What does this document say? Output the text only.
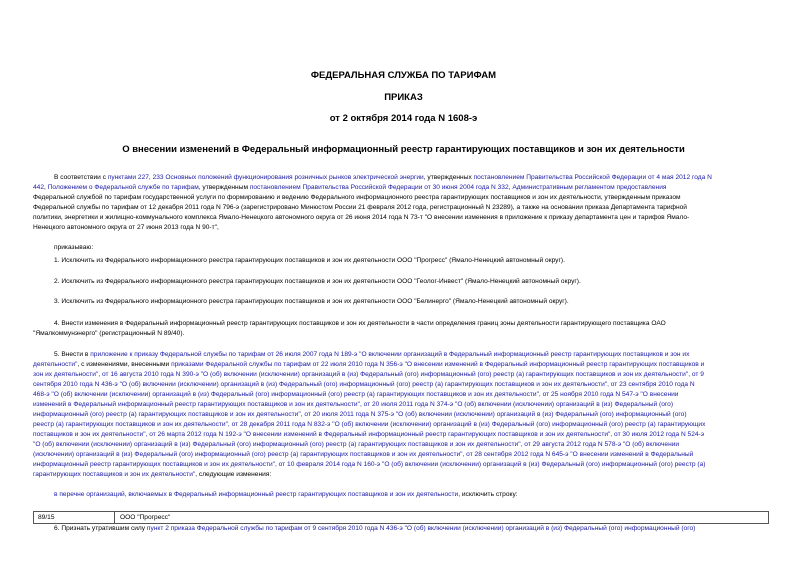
ФЕДЕРАЛЬНАЯ СЛУЖБА ПО ТАРИФАМ
ПРИКАЗ
от 2 октября 2014 года N 1608-э
О внесении изменений в Федеральный информационный реестр гарантирующих поставщиков и зон их деятельности
В соответствии с пунктами 227, 233 Основных положений функционирования розничных рынков электрической энергии, утвержденных постановлением Правительства Российской Федерации от 4 мая 2012 года N
442, Положением о Федеральной службе по тарифам, утвержденным постановлением Правительства Российской Федерации от 30 июня 2004 года N 332, Административным регламентом предоставления
Федеральной службой по тарифам государственной услуги по формированию и ведению Федерального информационного реестра гарантирующих поставщиков и зон их деятельности, утвержденным приказом
Федеральной службы по тарифам от 12 декабря 2011 года N 796-э (зарегистрировано Минюстом России 21 февраля 2012 года, регистрационный N 23289), а также на основании приказа Департамента тарифной
политики, энергетики и жилищно-коммунального комплекса Ямало-Ненецкого автономного округа от 26 июня 2014 года N 73-т "О внесении изменения в приложение к приказу департамента цен и тарифов Ямало-
Ненецкого автономного округа от 27 июня 2013 года N 90-т",
приказываю:
1. Исключить из Федерального информационного реестра гарантирующих поставщиков и зон их деятельности ООО "Прогресс" (Ямало-Ненецкий автономный округ).
2. Исключить из Федерального информационного реестра гарантирующих поставщиков и зон их деятельности ООО "Геолог-Инвест" (Ямало-Ненецкий автономный округ).
3. Исключить из Федерального информационного реестра гарантирующих поставщиков и зон их деятельности ООО "Белинерго" (Ямало-Ненецкий автономный округ).
4. Внести изменения в Федеральный информационный реестр гарантирующих поставщиков и зон их деятельности в части определения границ зоны деятельности гарантирующего поставщика ОАО
"Ямалкоммунэнерго" (регистрационный N 89/40).
5. Внести в приложение к приказу Федеральной службы по тарифам от 26 июля 2007 года N 189-э "О включении организаций в Федеральный информационный реестр гарантирующих поставщиков и зон их
деятельности", с изменениями, внесенными приказами Федеральной службы по тарифам от 22 июля 2010 года N 356-э "О внесении изменений в Федеральный информационный реестр гарантирующих поставщиков и
зон их деятельности", от 16 августа 2010 года N 390-э "О (об) включении (исключении) организаций в (из) Федеральный (ого) информационный (ого) реестр (а) гарантирующих поставщиков и зон их деятельности", от 9
сентября 2010 года N 436-э "О (об) включении (исключении) организаций в (из) Федеральный (ого) информационный (ого) реестр (а) гарантирующих поставщиков и зон их деятельности", от 23 сентября 2010 года N
468-э "О (об) включении (исключении) организаций в (из) Федеральный (ого) информационный (ого) реестр (а) гарантирующих поставщиков и зон их деятельности", от 25 ноября 2010 года N 547-э "О внесении
изменений в Федеральный информационный реестр гарантирующих поставщиков и зон их деятельности", от 20 июля 2011 года N 374-э "О (об) включении (исключении) организаций в (из) Федеральный (ого)
информационный (ого) реестр (а) гарантирующих поставщиков и зон их деятельности", от 20 июля 2011 года N 375-э "О (об) включении (исключении) организаций в (из) Федеральный (ого) информационный (ого)
реестр (а) гарантирующих поставщиков и зон их деятельности", от 28 декабря 2011 года N 832-э "О (об) включении (исключении) организаций в (из) Федеральный (ого) информационный (ого) реестр (а) гарантирующих
поставщиков и зон их деятельности", от 26 марта 2012 года N 192-э "О внесении изменений в Федеральный информационный реестр гарантирующих поставщиков и зон их деятельности", от 30 июля 2012 года N 524-э
"О (об) включении (исключении) организаций в (из) Федеральный (ого) информационный (ого) реестр (а) гарантирующих поставщиков и зон их деятельности", от 29 августа 2012 года N 578-э "О (об) включении
(исключении) организаций в (из) Федеральный (ого) информационный (ого) реестр (а) гарантирующих поставщиков и зон их деятельности", от 28 сентября 2012 года N 645-э "О внесении изменений в Федеральный
информационный реестр гарантирующих поставщиков и зон их деятельности", от 10 февраля 2014 года N 160-э "О (об) включении (исключении) организаций в (из) Федеральный (ого) информационный (ого) реестр (а)
гарантирующих поставщиков и зон их деятельности", следующие изменения:
в перечне организаций, включаемых в Федеральный информационный реестр гарантирующих поставщиков и зон их деятельности, исключить строку:
89/15	ООО "Прогресс"
6. Признать утратившим силу пункт 2 приказа Федеральной службы по тарифам от 9 сентября 2010 года N 436-э "О (об) включении (исключении) организаций в (из) Федеральный (ого) информационный (ого)
